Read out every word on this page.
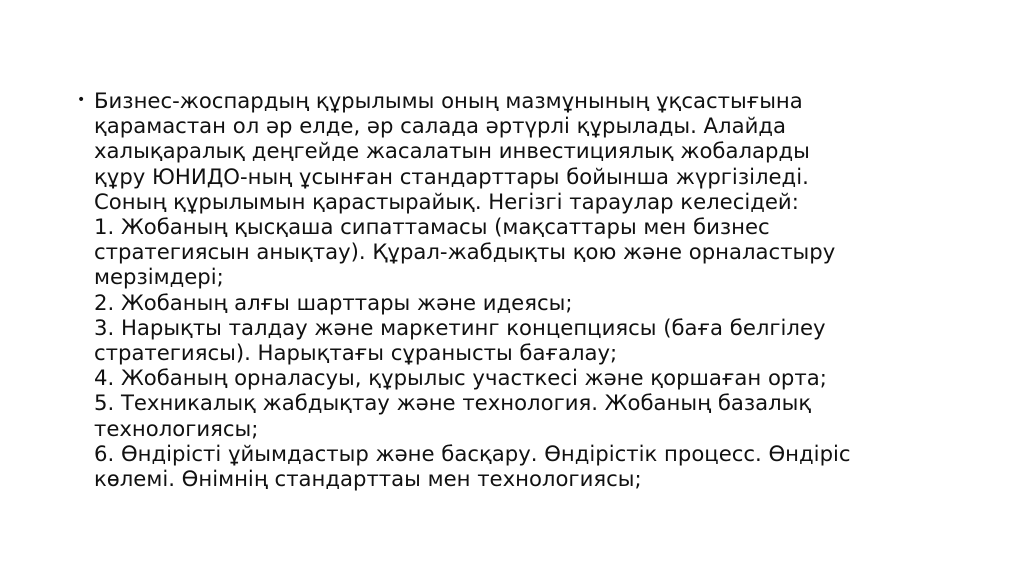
• Бизнес-жоспардың құрылымы оның мазмұнының ұқсастығына
қарамастан ол әр елде, әр салада әртүрлі құрылады. Алайда
халықаралық деңгейде жасалатын инвестициялық жобаларды
құру ЮНИДО-ның ұсынған стандарттары бойынша жүргізіледі.
Соның құрылымын қарастырайық. Негізгі тараулар келесідей:
1. Жобаның қысқаша сипаттамасы (мақсаттары мен бизнес
стратегиясын анықтау). Құрал-жабдықты қою және орналастыру
мерзімдері;
2. Жобаның алғы шарттары және идеясы;
3. Нарықты талдау және маркетинг концепциясы (баға белгілеу
стратегиясы). Нарықтағы сұранысты бағалау;
4. Жобаның орналасуы, құрылыс участкесі және қоршаған орта;
5. Техникалық жабдықтау және технология. Жобаның базалық
технологиясы;
6. Өндірісті ұйымдастыр және басқару. Өндірістік процесс. Өндіріс
көлемі. Өнімнің стандарттаы мен технологиясы;
